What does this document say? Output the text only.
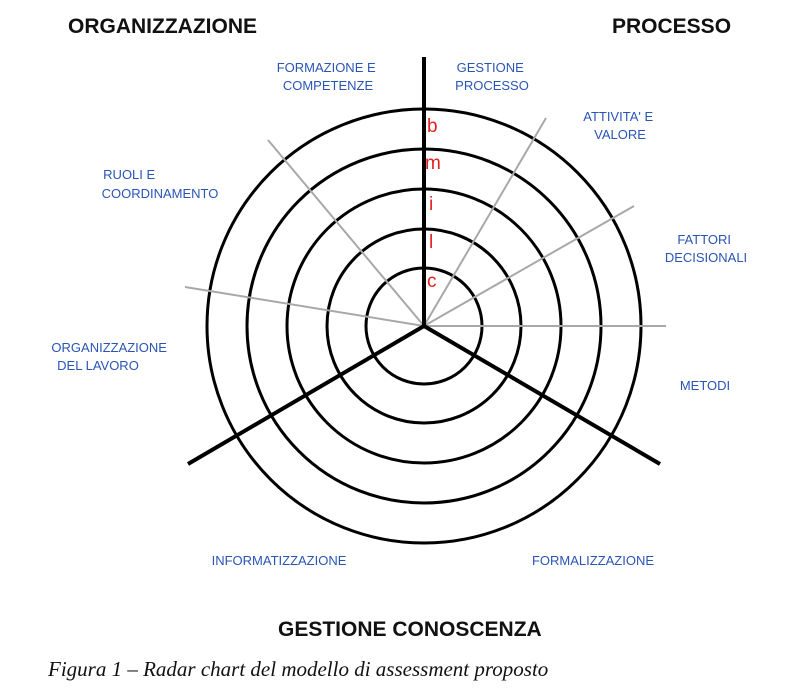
ORGANIZZAZIONE	PROCESSO
GESTIONE CONOSCENZA
b
m
i
l
c
FORMAZIONE E COMPETENZE
GESTIONE PROCESSO
ATTIVITA' E VALORE
FATTORI DECISIONALI
METODI
FORMALIZZAZIONE
INFORMATIZZAZIONE
ORGANIZZAZIONE DEL LAVORO
RUOLI E COORDINAMENTO
Figura 1 – Radar chart del modello di assessment proposto
